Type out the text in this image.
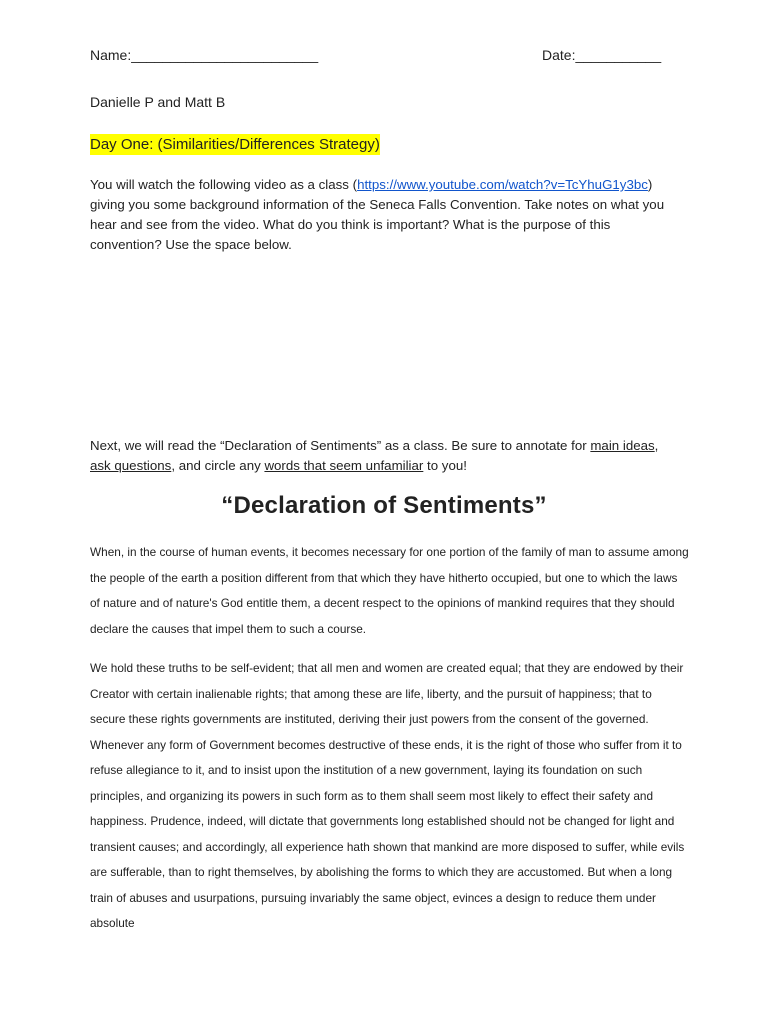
Name:________________________	Date:___________
Danielle P and Matt B
Day One: (Similarities/Differences Strategy)
You will watch the following video as a class (https://www.youtube.com/watch?v=TcYhuG1y3bc) giving you some background information of the Seneca Falls Convention. Take notes on what you hear and see from the video. What do you think is important? What is the purpose of this convention? Use the space below.
Next, we will read the “Declaration of Sentiments” as a class. Be sure to annotate for main ideas, ask questions, and circle any words that seem unfamiliar to you!
“Declaration of Sentiments”
When, in the course of human events, it becomes necessary for one portion of the family of man to assume among the people of the earth a position different from that which they have hitherto occupied, but one to which the laws of nature and of nature's God entitle them, a decent respect to the opinions of mankind requires that they should declare the causes that impel them to such a course.
We hold these truths to be self-evident; that all men and women are created equal; that they are endowed by their Creator with certain inalienable rights; that among these are life, liberty, and the pursuit of happiness; that to secure these rights governments are instituted, deriving their just powers from the consent of the governed. Whenever any form of Government becomes destructive of these ends, it is the right of those who suffer from it to refuse allegiance to it, and to insist upon the institution of a new government, laying its foundation on such principles, and organizing its powers in such form as to them shall seem most likely to effect their safety and happiness. Prudence, indeed, will dictate that governments long established should not be changed for light and transient causes; and accordingly, all experience hath shown that mankind are more disposed to suffer, while evils are sufferable, than to right themselves, by abolishing the forms to which they are accustomed. But when a long train of abuses and usurpations, pursuing invariably the same object, evinces a design to reduce them under absolute
